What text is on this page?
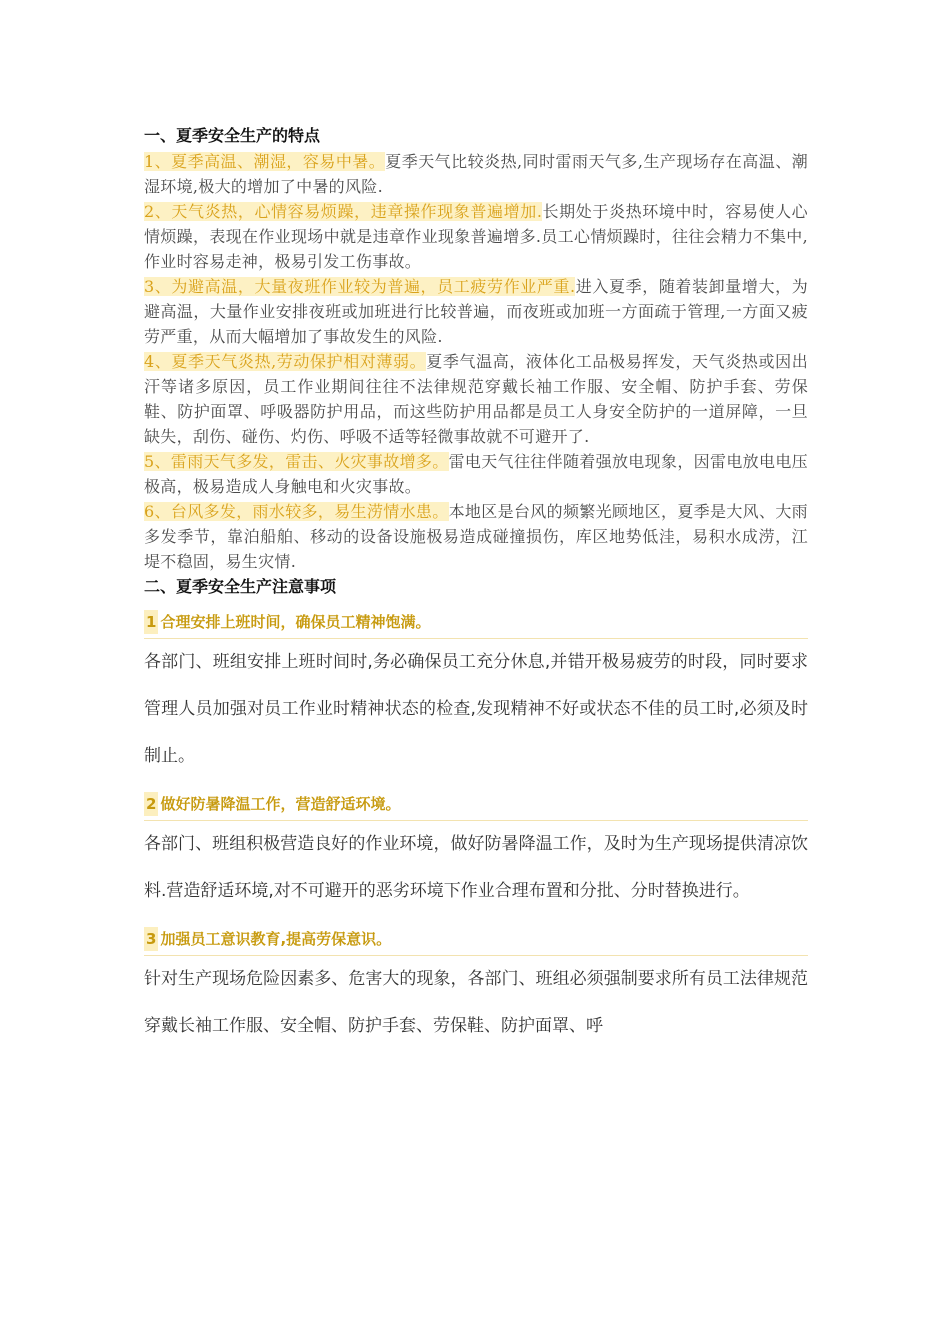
一、夏季安全生产的特点

1、夏季高温、潮湿，容易中暑。夏季天气比较炎热,同时雷雨天气多,生产现场存在高温、潮湿环境,极大的增加了中暑的风险.

2、天气炎热，心情容易烦躁，违章操作现象普遍增加.长期处于炎热环境中时，容易使人心情烦躁，表现在作业现场中就是违章作业现象普遍增多.员工心情烦躁时，往往会精力不集中,作业时容易走神，极易引发工伤事故。

3、为避高温，大量夜班作业较为普遍，员工疲劳作业严重.进入夏季，随着装卸量增大，为避高温，大量作业安排夜班或加班进行比较普遍，而夜班或加班一方面疏于管理,一方面又疲劳严重，从而大幅增加了事故发生的风险.

4、夏季天气炎热,劳动保护相对薄弱。夏季气温高，液体化工品极易挥发，天气炎热或因出汗等诸多原因，员工作业期间往往不法律规范穿戴长袖工作服、安全帽、防护手套、劳保鞋、防护面罩、呼吸器防护用品，而这些防护用品都是员工人身安全防护的一道屏障，一旦缺失，刮伤、碰伤、灼伤、呼吸不适等轻微事故就不可避开了.

5、雷雨天气多发，雷击、火灾事故增多。雷电天气往往伴随着强放电现象，因雷电放电电压极高，极易造成人身触电和火灾事故。

6、台风多发，雨水较多，易生涝情水患。本地区是台风的频繁光顾地区，夏季是大风、大雨多发季节，靠泊船舶、移动的设备设施极易造成碰撞损伤，库区地势低洼，易积水成涝，江堤不稳固，易生灾情.

二、夏季安全生产注意事项

1 合理安排上班时间，确保员工精神饱满。

各部门、班组安排上班时间时,务必确保员工充分休息,并错开极易疲劳的时段，同时要求管理人员加强对员工作业时精神状态的检查,发现精神不好或状态不佳的员工时,必须及时制止。

2 做好防暑降温工作，营造舒适环境。

各部门、班组积极营造良好的作业环境，做好防暑降温工作，及时为生产现场提供清凉饮料.营造舒适环境,对不可避开的恶劣环境下作业合理布置和分批、分时替换进行。

3 加强员工意识教育,提高劳保意识。

针对生产现场危险因素多、危害大的现象，各部门、班组必须强制要求所有员工法律规范穿戴长袖工作服、安全帽、防护手套、劳保鞋、防护面罩、呼
